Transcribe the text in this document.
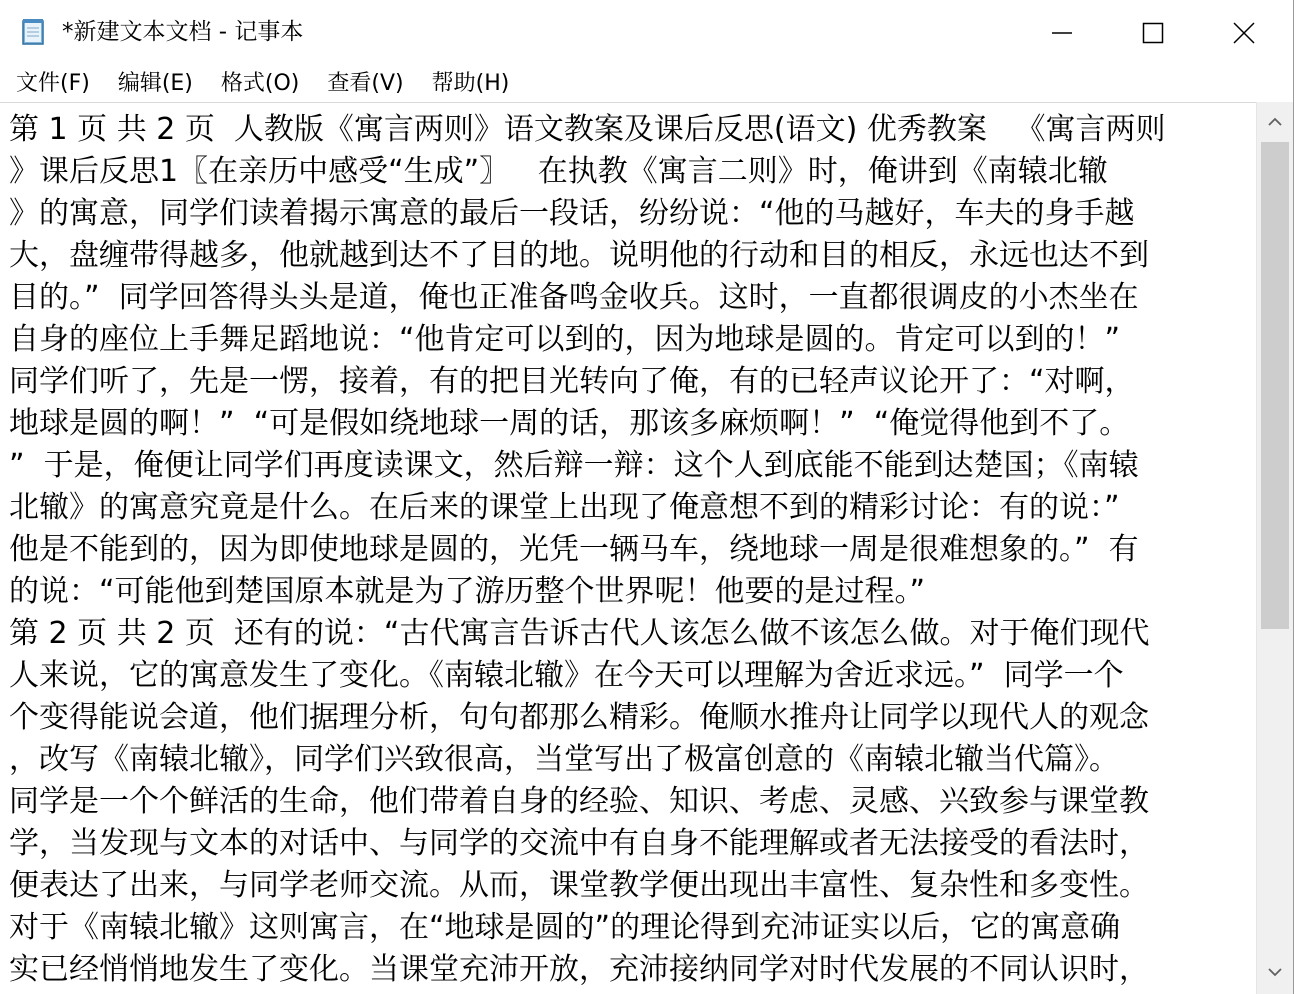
*新建文本文档 - 记事本
文件(F)	编辑(E)	格式(O)	查看(V)	帮助(H)
第 1 页 共 2 页  人教版《寓言两则》语文教案及课后反思(语文) 优秀教案   《寓言两则
》课后反思1〖在亲历中感受“生成”〗   在执教《寓言二则》时，俺讲到《南辕北辙
》的寓意，同学们读着揭示寓意的最后一段话，纷纷说：“他的马越好，车夫的身手越
大，盘缠带得越多，他就越到达不了目的地。说明他的行动和目的相反，永远也达不到
目的。”  同学回答得头头是道，俺也正准备鸣金收兵。这时，一直都很调皮的小杰坐在
自身的座位上手舞足蹈地说：“他肯定可以到的，因为地球是圆的。肯定可以到的！”
同学们听了，先是一愣，接着，有的把目光转向了俺，有的已轻声议论开了：“对啊，
地球是圆的啊！”  “可是假如绕地球一周的话，那该多麻烦啊！”  “俺觉得他到不了。
”  于是，俺便让同学们再度读课文，然后辩一辩：这个人到底能不能到达楚国；《南辕
北辙》的寓意究竟是什么。在后来的课堂上出现了俺意想不到的精彩讨论：有的说：”
他是不能到的，因为即使地球是圆的，光凭一辆马车，绕地球一周是很难想象的。”  有
的说：“可能他到楚国原本就是为了游历整个世界呢！他要的是过程。”
第 2 页 共 2 页  还有的说：“古代寓言告诉古代人该怎么做不该怎么做。对于俺们现代
人来说，它的寓意发生了变化。《南辕北辙》在今天可以理解为舍近求远。”  同学一个
个变得能说会道，他们据理分析，句句都那么精彩。俺顺水推舟让同学以现代人的观念
，改写《南辕北辙》，同学们兴致很高，当堂写出了极富创意的《南辕北辙当代篇》。
同学是一个个鲜活的生命，他们带着自身的经验、知识、考虑、灵感、兴致参与课堂教
学，当发现与文本的对话中、与同学的交流中有自身不能理解或者无法接受的看法时，
便表达了出来，与同学老师交流。从而，课堂教学便出现出丰富性、复杂性和多变性。
对于《南辕北辙》这则寓言，在“地球是圆的”的理论得到充沛证实以后，它的寓意确
实已经悄悄地发生了变化。当课堂充沛开放，充沛接纳同学对时代发展的不同认识时，
